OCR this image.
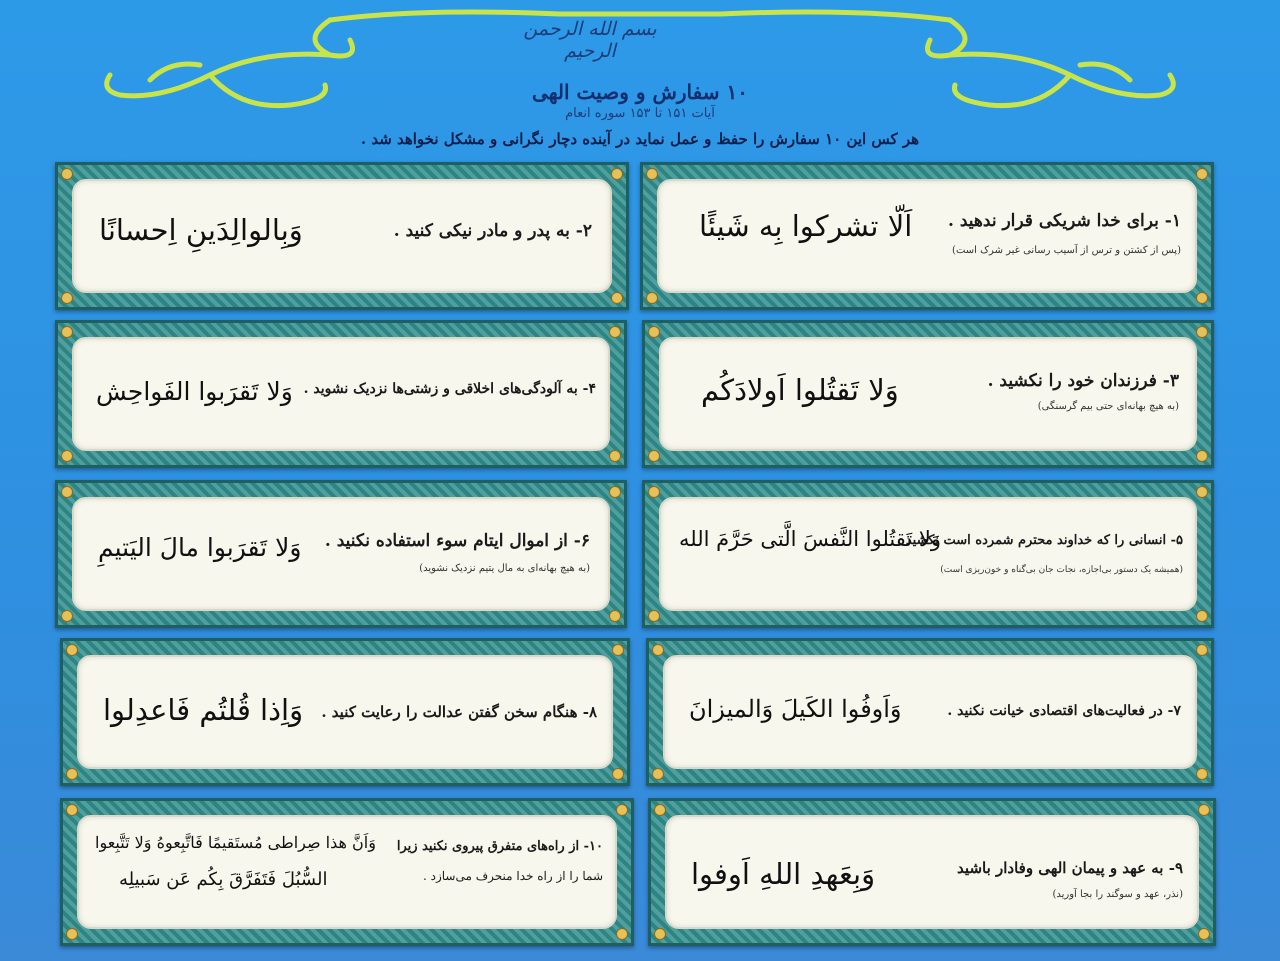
بسم الله الرحمن الرحیم
۱۰ سفارش و وصیت الهی
آیات ۱۵۱ تا ۱۵۳ سوره انعام
هر کس این ۱۰ سفارش را حفظ و عمل نماید در آینده دچار نگرانی و مشکل نخواهد شد .
۱- برای خدا شریکی قرار ندهید .
(پس از کشتن و ترس از آسیب رسانی غیر شرک است)
اَلّا تشرکوا بِه شَیئًا
۲- به پدر و مادر نیکی کنید .
وَبِالوالِدَینِ اِحسانًا
۳- فرزندان خود را نکشید .
(به هیچ بهانه‌ای حتی بیم گرسنگی)
وَلا تَقتُلوا اَولادَکُم
۴- به آلودگی‌های اخلاقی و زشتی‌ها نزدیک نشوید .
وَلا تَقرَبوا الفَواحِش
۵- انسانی را که خداوند محترم شمرده است نکشید .
(همیشه یک دستور بی‌اجازه، نجات جان بی‌گناه و خون‌ریزی است)
وَلا تَقتُلوا النَّفسَ الَّتی حَرَّمَ الله
۶- از اموال ایتام سوء استفاده نکنید .
(به هیچ بهانه‌ای به مال یتیم نزدیک نشوید)
وَلا تَقرَبوا مالَ الیَتیمِ
۷- در فعالیت‌های اقتصادی خیانت نکنید .
وَاَوفُوا الکَیلَ وَالمیزانَ
۸- هنگام سخن گفتن عدالت را رعایت کنید .
وَاِذا قُلتُم فَاعدِلوا
۹- به عهد و پیمان الهی وفادار باشید
(نذر، عهد و سوگند را بجا آورید)
وَبِعَهدِ اللهِ اَوفوا
۱۰- از راه‌های متفرق پیروی نکنید زیرا
شما را از راه خدا منحرف می‌سازد .
وَاَنَّ هذا صِراطی مُستَقیمًا فَاتَّبِعوهُ وَلا تَتَّبِعوا
السُّبُلَ فَتَفَرَّقَ بِکُم عَن سَبیلِه
